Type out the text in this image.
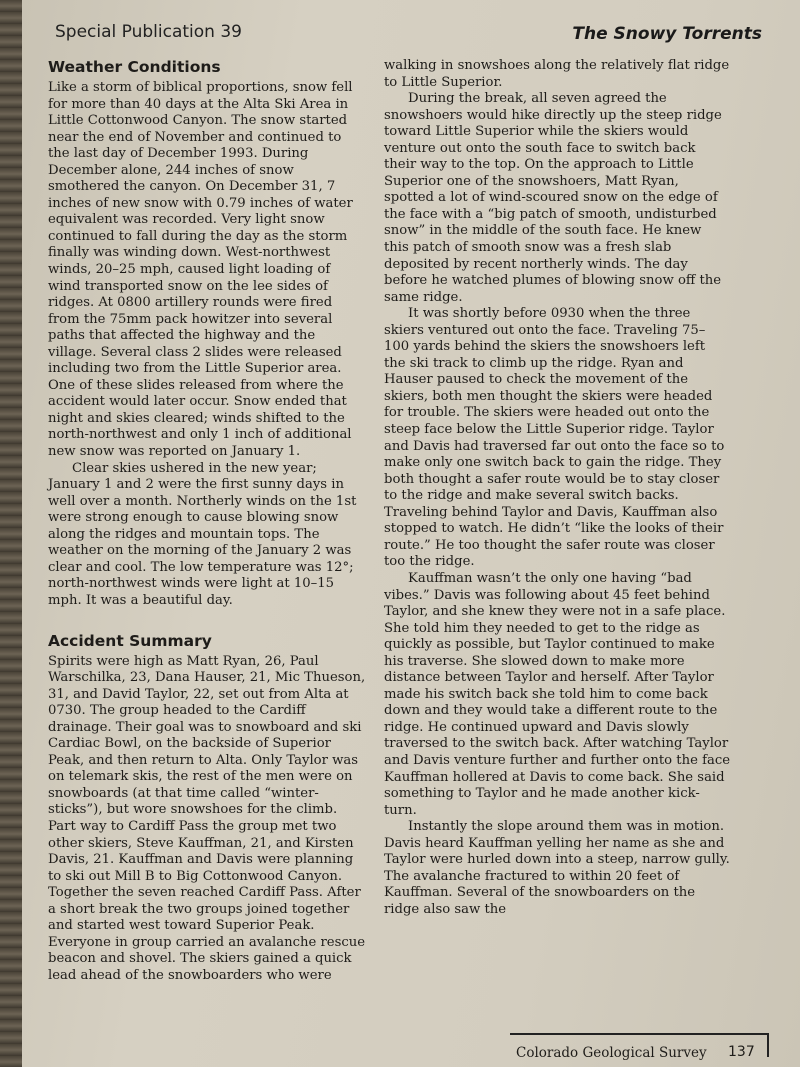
Special Publication 39	The Snowy Torrents
Weather Conditions

Like a storm of biblical proportions, snow fell for more than 40 days at the Alta Ski Area in Little Cottonwood Canyon. The snow started near the end of November and continued to the last day of December 1993. During December alone, 244 inches of snow smothered the canyon. On December 31, 7 inches of new snow with 0.79 inches of water equivalent was recorded. Very light snow continued to fall during the day as the storm finally was winding down. West-northwest winds, 20–25 mph, caused light loading of wind transported snow on the lee sides of ridges. At 0800 artillery rounds were fired from the 75mm pack howitzer into several paths that affected the highway and the village. Several class 2 slides were released including two from the Little Superior area. One of these slides released from where the accident would later occur. Snow ended that night and skies cleared; winds shifted to the north-northwest and only 1 inch of additional new snow was reported on January 1.

Clear skies ushered in the new year; January 1 and 2 were the first sunny days in well over a month. Northerly winds on the 1st were strong enough to cause blowing snow along the ridges and mountain tops. The weather on the morning of the January 2 was clear and cool. The low temperature was 12°; north-northwest winds were light at 10–15 mph. It was a beautiful day.

Accident Summary

Spirits were high as Matt Ryan, 26, Paul Warschilka, 23, Dana Hauser, 21, Mic Thueson, 31, and David Taylor, 22, set out from Alta at 0730. The group headed to the Cardiff drainage. Their goal was to snowboard and ski Cardiac Bowl, on the backside of Superior Peak, and then return to Alta. Only Taylor was on telemark skis, the rest of the men were on snowboards (at that time called “winter-sticks”), but wore snowshoes for the climb. Part way to Cardiff Pass the group met two other skiers, Steve Kauffman, 21, and Kirsten Davis, 21. Kauffman and Davis were planning to ski out Mill B to Big Cottonwood Canyon. Together the seven reached Cardiff Pass. After a short break the two groups joined together and started west toward Superior Peak. Everyone in group carried an avalanche rescue beacon and shovel. The skiers gained a quick lead ahead of the snowboarders who were

walking in snowshoes along the relatively flat ridge to Little Superior.

During the break, all seven agreed the snowshoers would hike directly up the steep ridge toward Little Superior while the skiers would venture out onto the south face to switch back their way to the top. On the approach to Little Superior one of the snowshoers, Matt Ryan, spotted a lot of wind-scoured snow on the edge of the face with a “big patch of smooth, undisturbed snow” in the middle of the south face. He knew this patch of smooth snow was a fresh slab deposited by recent northerly winds. The day before he watched plumes of blowing snow off the same ridge.

It was shortly before 0930 when the three skiers ventured out onto the face. Traveling 75–100 yards behind the skiers the snowshoers left the ski track to climb up the ridge. Ryan and Hauser paused to check the movement of the skiers, both men thought the skiers were headed for trouble. The skiers were headed out onto the steep face below the Little Superior ridge. Taylor and Davis had traversed far out onto the face so to make only one switch back to gain the ridge. They both thought a safer route would be to stay closer to the ridge and make several switch backs. Traveling behind Taylor and Davis, Kauffman also stopped to watch. He didn’t “like the looks of their route.” He too thought the safer route was closer too the ridge.

Kauffman wasn’t the only one having “bad vibes.” Davis was following about 45 feet behind Taylor, and she knew they were not in a safe place. She told him they needed to get to the ridge as quickly as possible, but Taylor continued to make his traverse. She slowed down to make more distance between Taylor and herself. After Taylor made his switch back she told him to come back down and they would take a different route to the ridge. He continued upward and Davis slowly traversed to the switch back. After watching Taylor and Davis venture further and further onto the face Kauffman hollered at Davis to come back. She said something to Taylor and he made another kick-turn.

Instantly the slope around them was in motion. Davis heard Kauffman yelling her name as she and Taylor were hurled down into a steep, narrow gully. The avalanche fractured to within 20 feet of Kauffman. Several of the snowboarders on the ridge also saw the

Colorado Geological Survey 137
